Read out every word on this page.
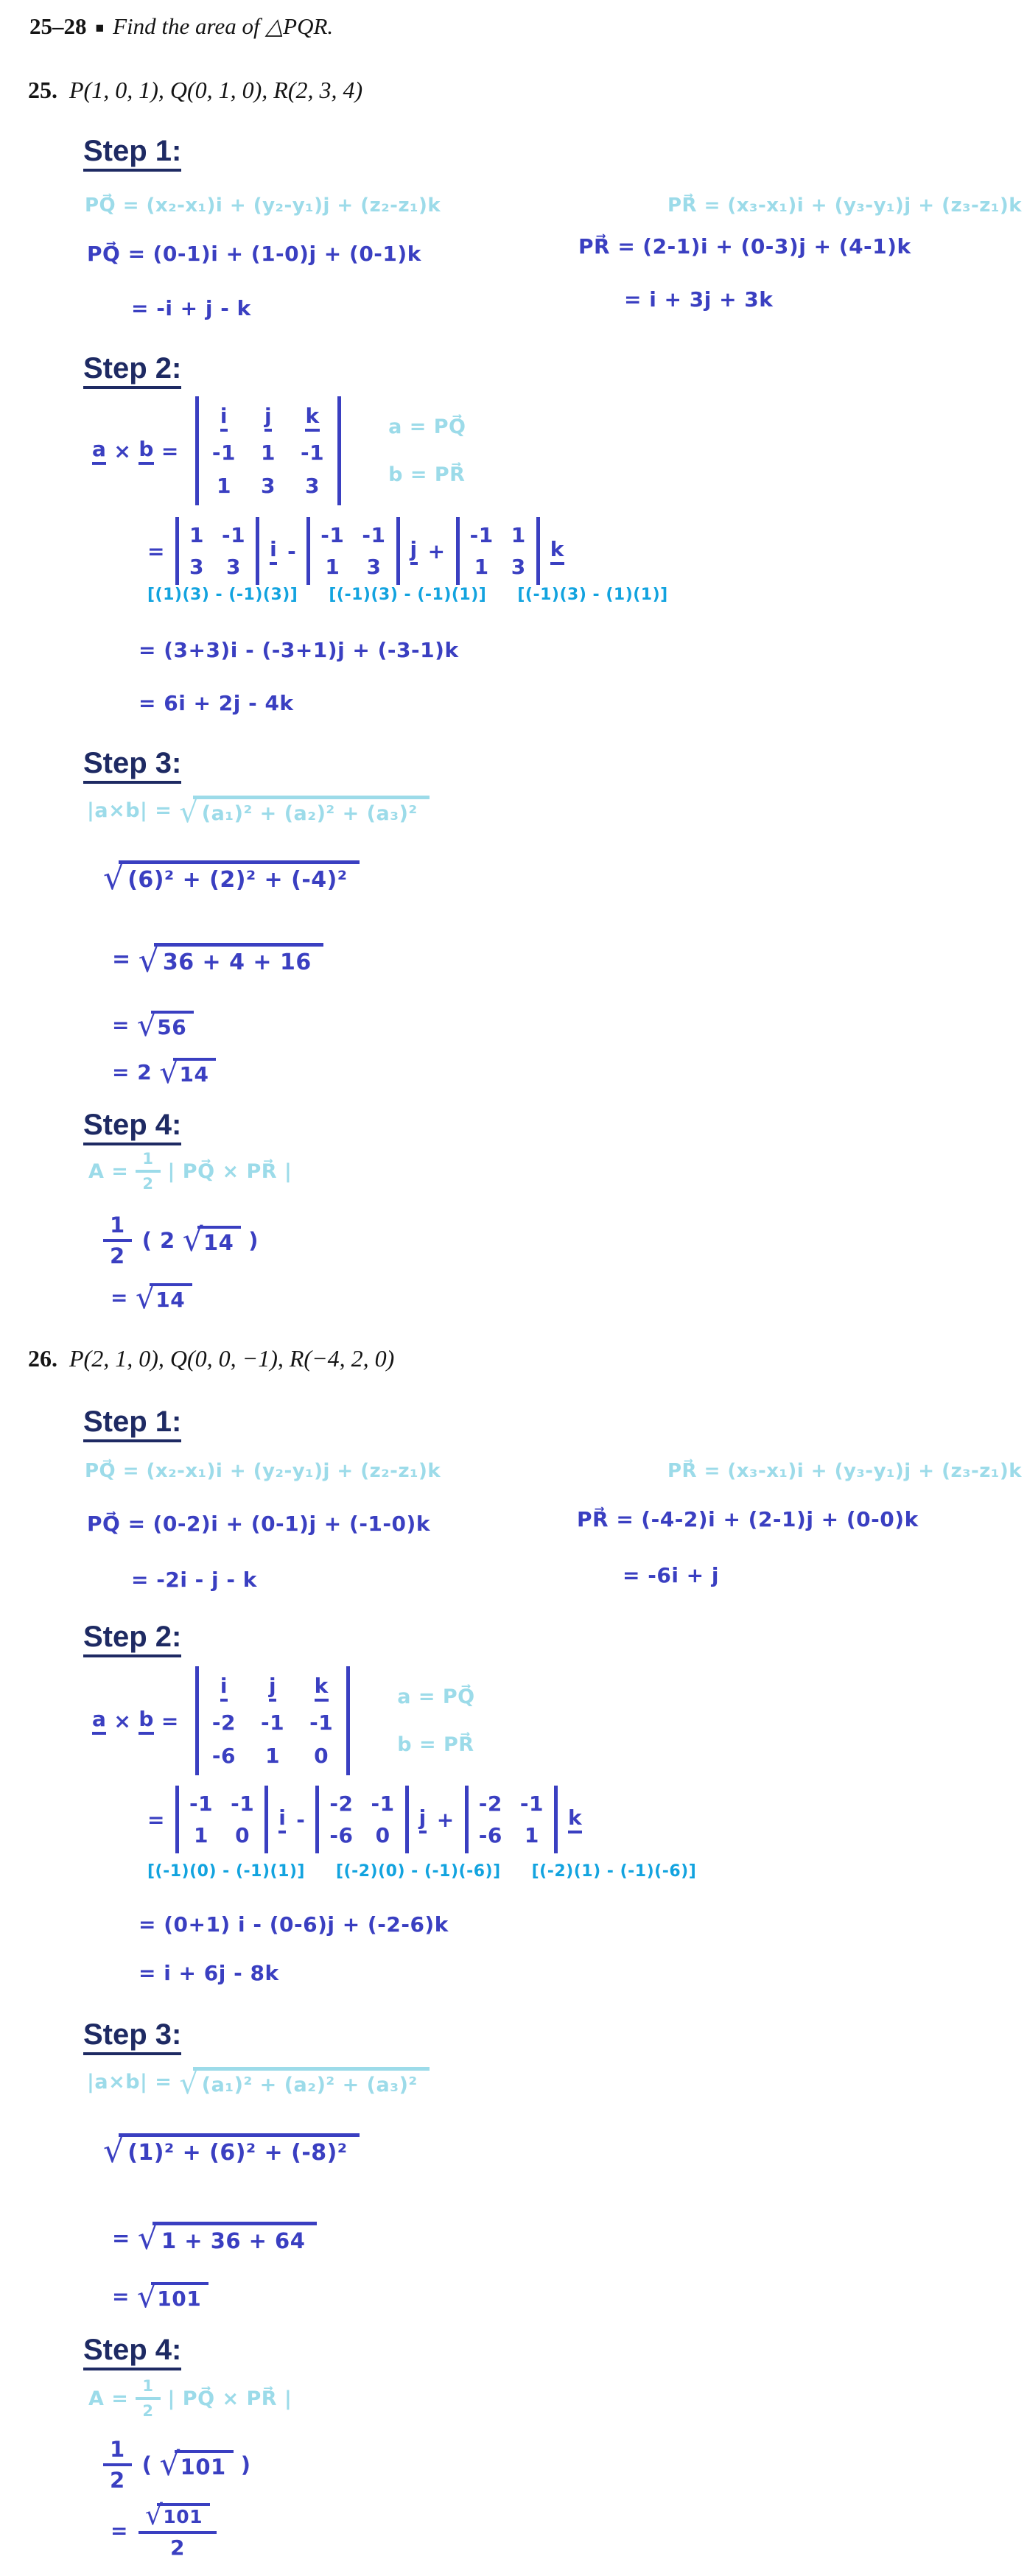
25–28 ■ Find the area of △PQR.
25. P(1, 0, 1), Q(0, 1, 0), R(2, 3, 4)
Step 1:
PQ⃗ = (x₂-x₁)i + (y₂-y₁)j + (z₂-z₁)k	PR⃗ = (x₃-x₁)i + (y₃-y₁)j + (z₃-z₁)k
PQ⃗ = (0-1)i + (1-0)j + (0-1)k
= -i + j - k
PR⃗ = (2-1)i + (0-3)j + (4-1)k
= i + 3j + 3k
Step 2:
a × b =
i j k
-1 1 -1
1 3 3
a = PQ⃗
b = PR⃗
=
1 -1
3 3
i -
-1 -1
1 3
j +
-1 1
1 3
k
[(1)(3) - (-1)(3)] [(-1)(3) - (-1)(1)] [(-1)(3) - (1)(1)]
= (3+3)i - (-3+1)j + (-3-1)k
= 6i + 2j - 4k
Step 3:
|a×b| = √ (a₁)² + (a₂)² + (a₃)²
√ (6)² + (2)² + (-4)²
= √ 36 + 4 + 16
= √ 56
= 2 √ 14
Step 4:
$A = \frac{1}{2}$ | PQ⃗ × PR⃗ |
$\frac{1}{2}$ ( 2 √ 14 )
= √ 14
26. P(2, 1, 0), Q(0, 0, −1), R(−4, 2, 0)
Step 1:
PQ⃗ = (x₂-x₁)i + (y₂-y₁)j + (z₂-z₁)k	PR⃗ = (x₃-x₁)i + (y₃-y₁)j + (z₃-z₁)k
PQ⃗ = (0-2)i + (0-1)j + (-1-0)k
= -2i - j - k
PR⃗ = (-4-2)i + (2-1)j + (0-0)k
= -6i + j
Step 2:
a × b =
i j k
-2 -1 -1
-6 1 0
a = PQ⃗
b = PR⃗
=
-1 -1
1 0
i -
-2 -1
-6 0
j +
-2 -1
-6 1
k
[(-1)(0) - (-1)(1)] [(-2)(0) - (-1)(-6)] [(-2)(1) - (-1)(-6)]
= (0+1) i - (0-6)j + (-2-6)k
= i + 6j - 8k
Step 3:
|a×b| = √ (a₁)² + (a₂)² + (a₃)²
√ (1)² + (6)² + (-8)²
= √ 1 + 36 + 64
= √ 101
Step 4:
$A = \frac{1}{2}$ | PQ⃗ × PR⃗ |
$\frac{1}{2}$ ( √ 101 )
= $\frac{√ 101}{2}$
